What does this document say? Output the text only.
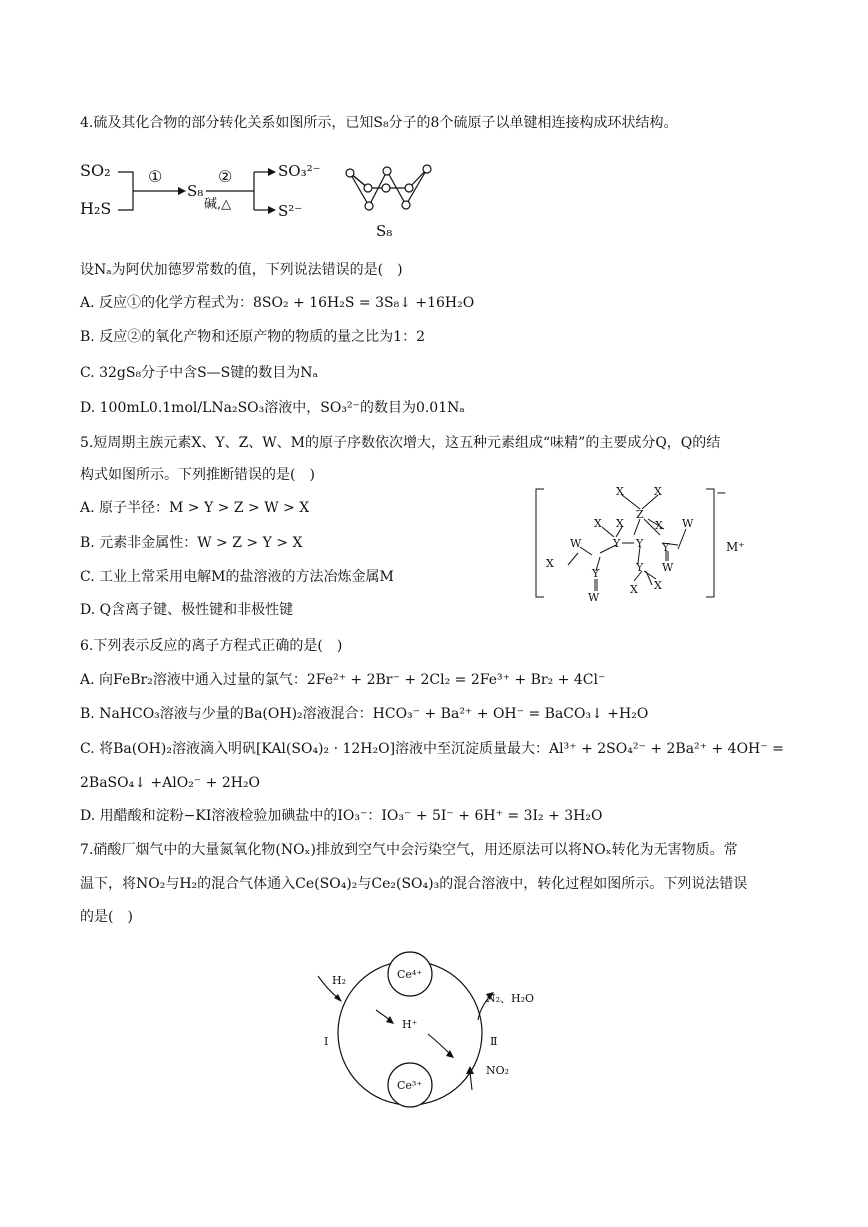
4.硫及其化合物的部分转化关系如图所示，已知S₈分子的8个硫原子以单键相连接构成环状结构。
SO₂
H₂S
①
S₈
②
碱,△
SO₃²⁻
S²⁻
S₈
设Nₐ为阿伏加德罗常数的值，下列说法错误的是(　)
A. 反应①的化学方程式为：8SO₂ + 16H₂S = 3S₈↓ +16H₂O
B. 反应②的氧化产物和还原产物的物质的量之比为1：2
C. 32gS₈分子中含S—S键的数目为Nₐ
D. 100mL0.1mol/LNa₂SO₃溶液中，SO₃²⁻的数目为0.01Nₐ
5.短周期主族元素X、Y、Z、W、M的原子序数依次增大，这五种元素组成“味精”的主要成分Q，Q的结
构式如图所示。下列推断错误的是(　)
A. 原子半径：M > Y > Z > W > X
B. 元素非金属性：W > Z > Y > X
C. 工业上常采用电解M的盐溶液的方法冶炼金属M
D. Q含离子键、极性键和非极性键
X	X
Z
X X	X W
Y Y Y
W
X
Y	W
Y
W
X X
−
M⁺
6.下列表示反应的离子方程式正确的是(　)
A. 向FeBr₂溶液中通入过量的氯气：2Fe²⁺ + 2Br⁻ + 2Cl₂ = 2Fe³⁺ + Br₂ + 4Cl⁻
B. NaHCO₃溶液与少量的Ba(OH)₂溶液混合：HCO₃⁻ + Ba²⁺ + OH⁻ = BaCO₃↓ +H₂O
C. 将Ba(OH)₂溶液滴入明矾[KAl(SO₄)₂ · 12H₂O]溶液中至沉淀质量最大：Al³⁺ + 2SO₄²⁻ + 2Ba²⁺ + 4OH⁻ =
2BaSO₄↓ +AlO₂⁻ + 2H₂O
D. 用醋酸和淀粉−KI溶液检验加碘盐中的IO₃⁻：IO₃⁻ + 5I⁻ + 6H⁺ = 3I₂ + 3H₂O
7.硝酸厂烟气中的大量氮氧化物(NOₓ)排放到空气中会污染空气，用还原法可以将NOₓ转化为无害物质。常
温下，将NO₂与H₂的混合气体通入Ce(SO₄)₂与Ce₂(SO₄)₃的混合溶液中，转化过程如图所示。下列说法错误
的是(　)
Ce⁴⁺
Ce³⁺
H₂
H⁺
I	Ⅱ
N₂、H₂O
NO₂
